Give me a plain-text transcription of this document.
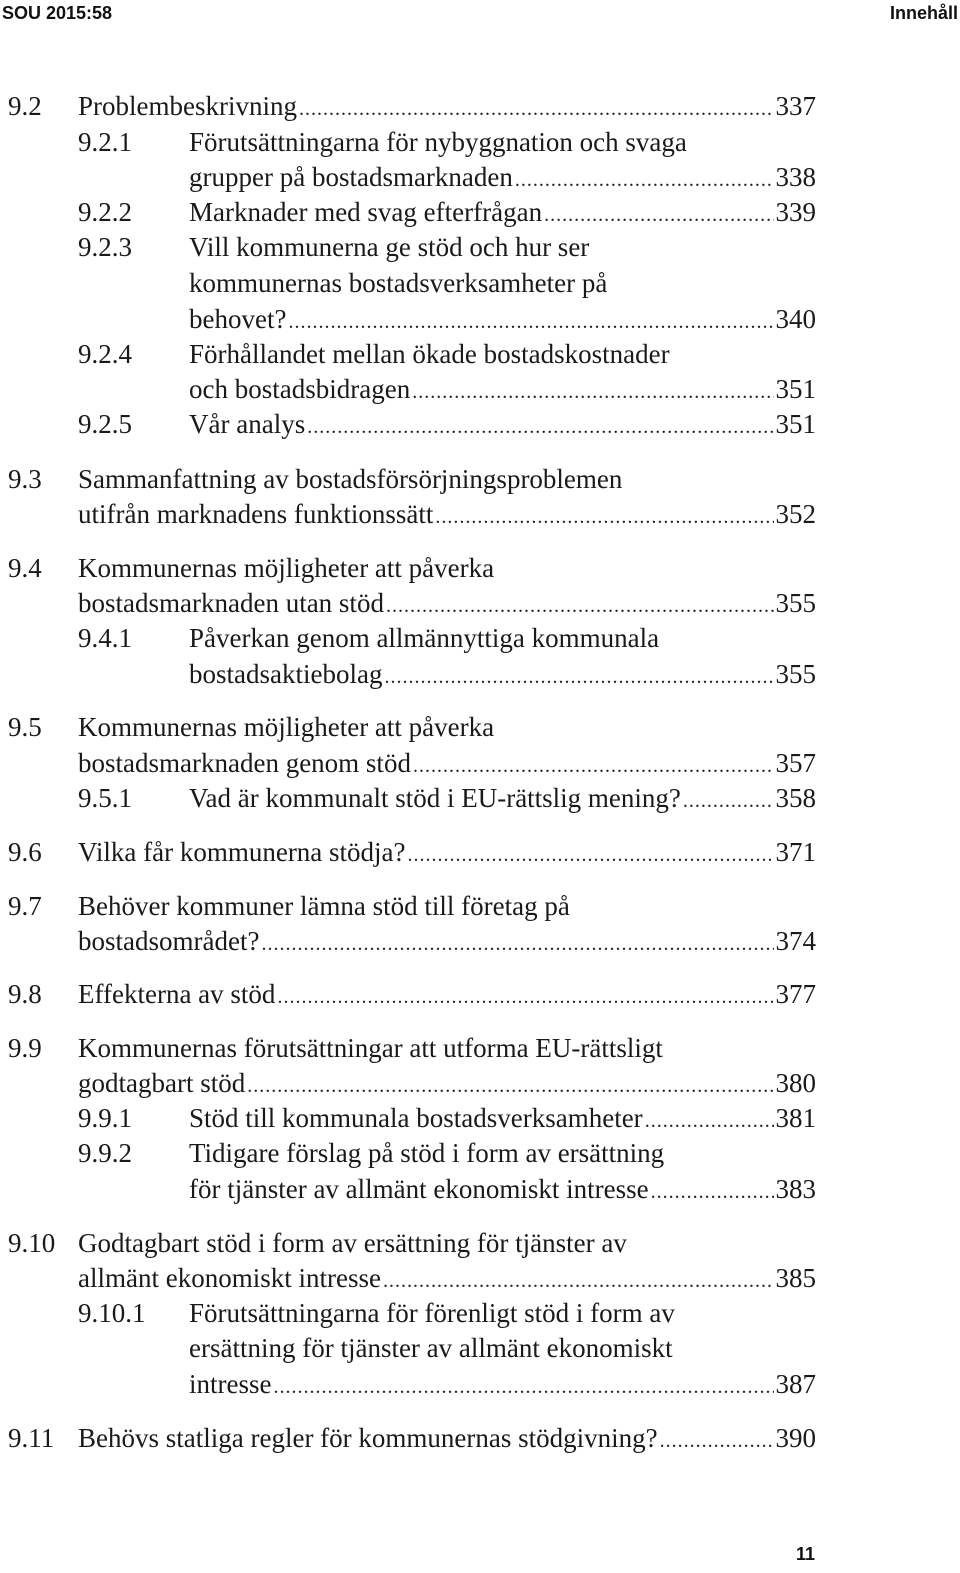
SOU 2015:58	Innehåll
9.2 Problembeskrivning .....	337
9.2.1 Förutsättningarna för nybyggnation och svaga
grupper på bostadsmarknaden .....	338
9.2.2 Marknader med svag efterfrågan .....	339
9.2.3 Vill kommunerna ge stöd och hur ser
kommunernas bostadsverksamheter på
behovet? .....	340
9.2.4 Förhållandet mellan ökade bostadskostnader
och bostadsbidragen .....	351
9.2.5 Vår analys .....	351
9.3 Sammanfattning av bostadsförsörjningsproblemen
utifrån marknadens funktionssätt .....	352
9.4 Kommunernas möjligheter att påverka
bostadsmarknaden utan stöd .....	355
9.4.1 Påverkan genom allmännyttiga kommunala
bostadsaktiebolag .....	355
9.5 Kommunernas möjligheter att påverka
bostadsmarknaden genom stöd .....	357
9.5.1 Vad är kommunalt stöd i EU-rättslig mening? .....	358
9.6 Vilka får kommunerna stödja? .....	371
9.7 Behöver kommuner lämna stöd till företag på
bostadsområdet? .....	374
9.8 Effekterna av stöd .....	377
9.9 Kommunernas förutsättningar att utforma EU-rättsligt
godtagbart stöd .....	380
9.9.1 Stöd till kommunala bostadsverksamheter .....	381
9.9.2 Tidigare förslag på stöd i form av ersättning
för tjänster av allmänt ekonomiskt intresse .....	383
9.10 Godtagbart stöd i form av ersättning för tjänster av
allmänt ekonomiskt intresse .....	385
9.10.1 Förutsättningarna för förenligt stöd i form av
ersättning för tjänster av allmänt ekonomiskt
intresse .....	387
9.11 Behövs statliga regler för kommunernas stödgivning? .....	390
11
